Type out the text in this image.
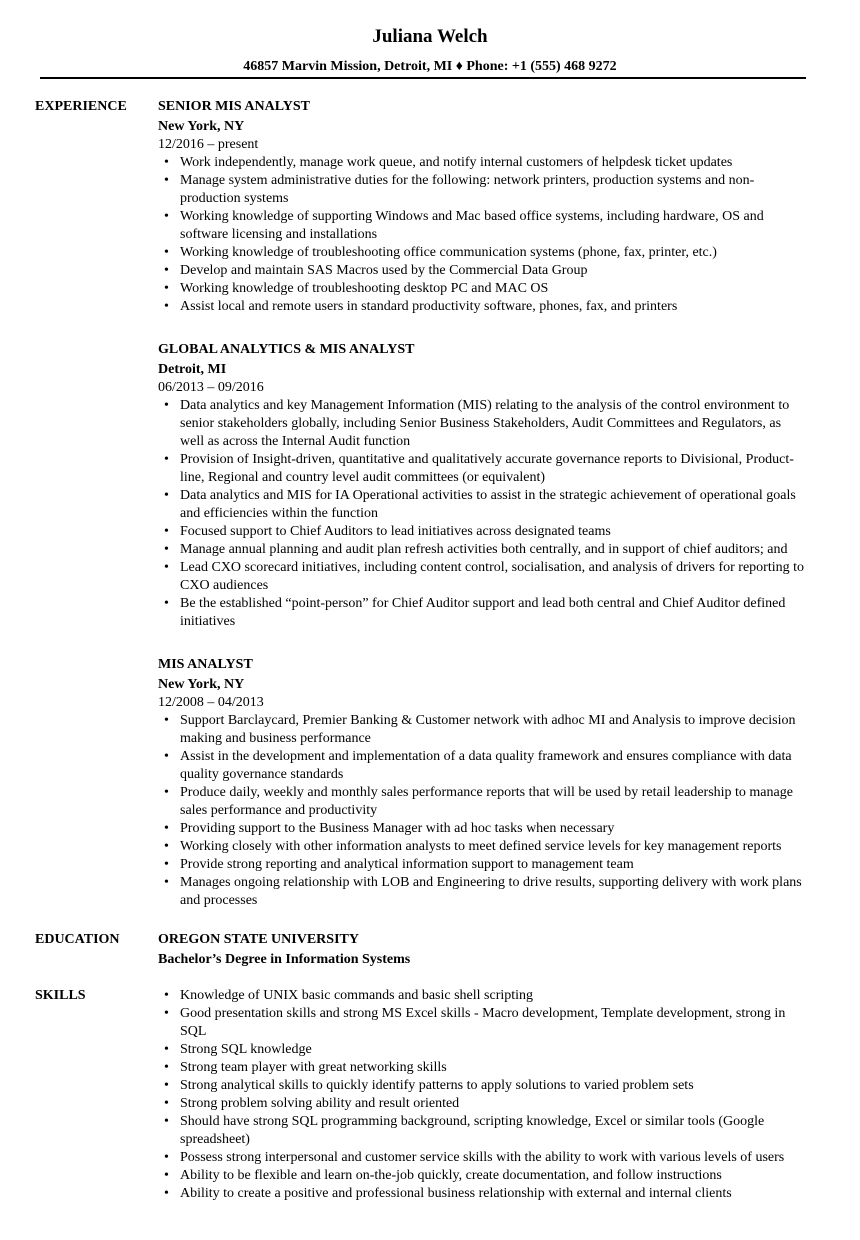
Juliana Welch
46857 Marvin Mission, Detroit, MI ♦ Phone: +1 (555) 468 9272
EXPERIENCE	SENIOR MIS ANALYST
New York, NY
12/2016 – present
• Work independently, manage work queue, and notify internal customers of helpdesk ticket updates
• Manage system administrative duties for the following: network printers, production systems and non-production systems
• Working knowledge of supporting Windows and Mac based office systems, including hardware, OS and software licensing and installations
• Working knowledge of troubleshooting office communication systems (phone, fax, printer, etc.)
• Develop and maintain SAS Macros used by the Commercial Data Group
• Working knowledge of troubleshooting desktop PC and MAC OS
• Assist local and remote users in standard productivity software, phones, fax, and printers
GLOBAL ANALYTICS & MIS ANALYST
Detroit, MI
06/2013 – 09/2016
• Data analytics and key Management Information (MIS) relating to the analysis of the control environment to senior stakeholders globally, including Senior Business Stakeholders, Audit Committees and Regulators, as well as across the Internal Audit function
• Provision of Insight-driven, quantitative and qualitatively accurate governance reports to Divisional, Product-line, Regional and country level audit committees (or equivalent)
• Data analytics and MIS for IA Operational activities to assist in the strategic achievement of operational goals and efficiencies within the function
• Focused support to Chief Auditors to lead initiatives across designated teams
• Manage annual planning and audit plan refresh activities both centrally, and in support of chief auditors; and
• Lead CXO scorecard initiatives, including content control, socialisation, and analysis of drivers for reporting to CXO audiences
• Be the established “point-person” for Chief Auditor support and lead both central and Chief Auditor defined initiatives
MIS ANALYST
New York, NY
12/2008 – 04/2013
• Support Barclaycard, Premier Banking & Customer network with adhoc MI and Analysis to improve decision making and business performance
• Assist in the development and implementation of a data quality framework and ensures compliance with data quality governance standards
• Produce daily, weekly and monthly sales performance reports that will be used by retail leadership to manage sales performance and productivity
• Providing support to the Business Manager with ad hoc tasks when necessary
• Working closely with other information analysts to meet defined service levels for key management reports
• Provide strong reporting and analytical information support to management team
• Manages ongoing relationship with LOB and Engineering to drive results, supporting delivery with work plans and processes
EDUCATION	OREGON STATE UNIVERSITY
Bachelor’s Degree in Information Systems
SKILLS	• Knowledge of UNIX basic commands and basic shell scripting
• Good presentation skills and strong MS Excel skills - Macro development, Template development, strong in SQL
• Strong SQL knowledge
• Strong team player with great networking skills
• Strong analytical skills to quickly identify patterns to apply solutions to varied problem sets
• Strong problem solving ability and result oriented
• Should have strong SQL programming background, scripting knowledge, Excel or similar tools (Google spreadsheet)
• Possess strong interpersonal and customer service skills with the ability to work with various levels of users
• Ability to be flexible and learn on-the-job quickly, create documentation, and follow instructions
• Ability to create a positive and professional business relationship with external and internal clients
